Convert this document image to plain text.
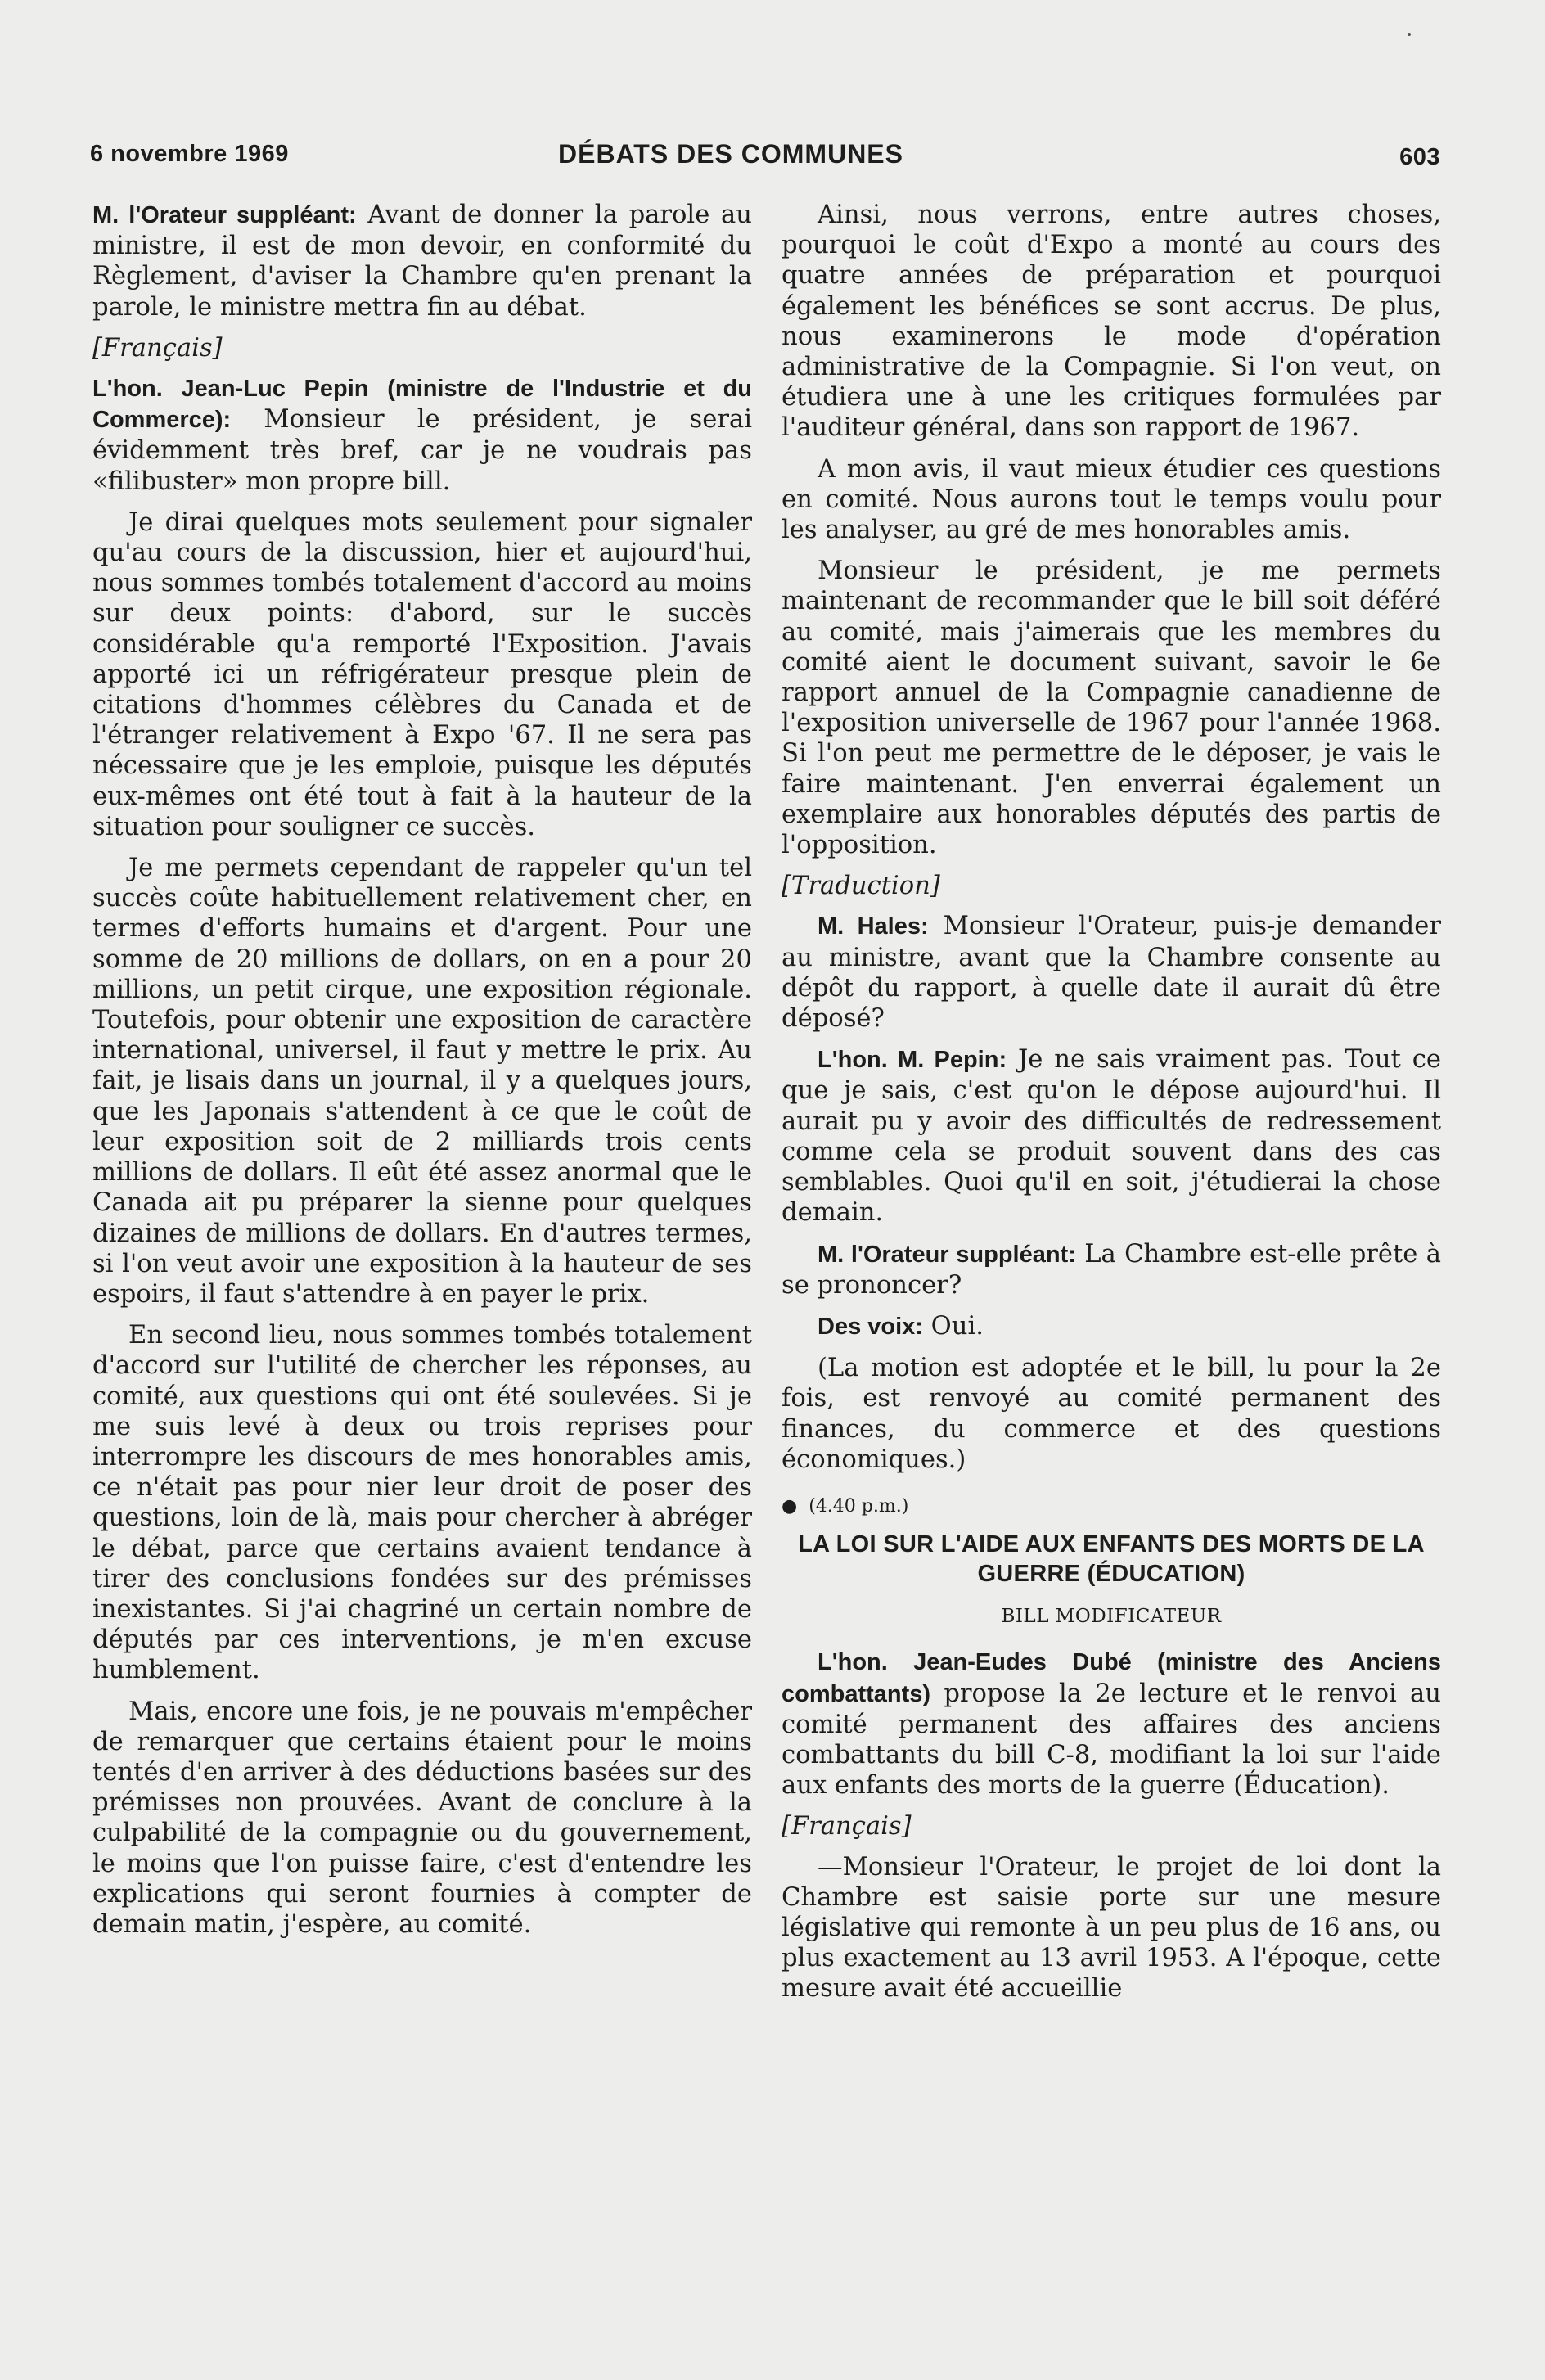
6 novembre 1969	DÉBATS DES COMMUNES	603

M. l'Orateur suppléant: Avant de donner la parole au ministre, il est de mon devoir, en conformité du Règlement, d'aviser la Chambre qu'en prenant la parole, le ministre mettra fin au débat.

[Français]

L'hon. Jean-Luc Pepin (ministre de l'Industrie et du Commerce): Monsieur le président, je serai évidemment très bref, car je ne voudrais pas «filibuster» mon propre bill.

Je dirai quelques mots seulement pour signaler qu'au cours de la discussion, hier et aujourd'hui, nous sommes tombés totalement d'accord au moins sur deux points: d'abord, sur le succès considérable qu'a remporté l'Exposition. J'avais apporté ici un réfrigérateur presque plein de citations d'hommes célèbres du Canada et de l'étranger relativement à Expo '67. Il ne sera pas nécessaire que je les emploie, puisque les députés eux-mêmes ont été tout à fait à la hauteur de la situation pour souligner ce succès.

Je me permets cependant de rappeler qu'un tel succès coûte habituellement relativement cher, en termes d'efforts humains et d'argent. Pour une somme de 20 millions de dollars, on en a pour 20 millions, un petit cirque, une exposition régionale. Toutefois, pour obtenir une exposition de caractère international, universel, il faut y mettre le prix. Au fait, je lisais dans un journal, il y a quelques jours, que les Japonais s'attendent à ce que le coût de leur exposition soit de 2 milliards trois cents millions de dollars. Il eût été assez anormal que le Canada ait pu préparer la sienne pour quelques dizaines de millions de dollars. En d'autres termes, si l'on veut avoir une exposition à la hauteur de ses espoirs, il faut s'attendre à en payer le prix.

En second lieu, nous sommes tombés totalement d'accord sur l'utilité de chercher les réponses, au comité, aux questions qui ont été soulevées. Si je me suis levé à deux ou trois reprises pour interrompre les discours de mes honorables amis, ce n'était pas pour nier leur droit de poser des questions, loin de là, mais pour chercher à abréger le débat, parce que certains avaient tendance à tirer des conclusions fondées sur des prémisses inexistantes. Si j'ai chagriné un certain nombre de députés par ces interventions, je m'en excuse humblement.

Mais, encore une fois, je ne pouvais m'empêcher de remarquer que certains étaient pour le moins tentés d'en arriver à des déductions basées sur des prémisses non prouvées. Avant de conclure à la culpabilité de la compagnie ou du gouvernement, le moins que l'on puisse faire, c'est d'entendre les explications qui seront fournies à compter de demain matin, j'espère, au comité.

Ainsi, nous verrons, entre autres choses, pourquoi le coût d'Expo a monté au cours des quatre années de préparation et pourquoi également les bénéfices se sont accrus. De plus, nous examinerons le mode d'opération administrative de la Compagnie. Si l'on veut, on étudiera une à une les critiques formulées par l'auditeur général, dans son rapport de 1967.

A mon avis, il vaut mieux étudier ces questions en comité. Nous aurons tout le temps voulu pour les analyser, au gré de mes honorables amis.

Monsieur le président, je me permets maintenant de recommander que le bill soit déféré au comité, mais j'aimerais que les membres du comité aient le document suivant, savoir le 6e rapport annuel de la Compagnie canadienne de l'exposition universelle de 1967 pour l'année 1968. Si l'on peut me permettre de le déposer, je vais le faire maintenant. J'en enverrai également un exemplaire aux honorables députés des partis de l'opposition.

[Traduction]

M. Hales: Monsieur l'Orateur, puis-je demander au ministre, avant que la Chambre consente au dépôt du rapport, à quelle date il aurait dû être déposé?

L'hon. M. Pepin: Je ne sais vraiment pas. Tout ce que je sais, c'est qu'on le dépose aujourd'hui. Il aurait pu y avoir des difficultés de redressement comme cela se produit souvent dans des cas semblables. Quoi qu'il en soit, j'étudierai la chose demain.

M. l'Orateur suppléant: La Chambre est-elle prête à se prononcer?

Des voix: Oui.

(La motion est adoptée et le bill, lu pour la 2e fois, est renvoyé au comité permanent des finances, du commerce et des questions économiques.)

● (4.40 p.m.)

LA LOI SUR L'AIDE AUX ENFANTS DES MORTS DE LA GUERRE (ÉDUCATION)

BILL MODIFICATEUR

L'hon. Jean-Eudes Dubé (ministre des Anciens combattants) propose la 2e lecture et le renvoi au comité permanent des affaires des anciens combattants du bill C-8, modifiant la loi sur l'aide aux enfants des morts de la guerre (Éducation).

[Français]

—Monsieur l'Orateur, le projet de loi dont la Chambre est saisie porte sur une mesure législative qui remonte à un peu plus de 16 ans, ou plus exactement au 13 avril 1953. A l'époque, cette mesure avait été accueillie
